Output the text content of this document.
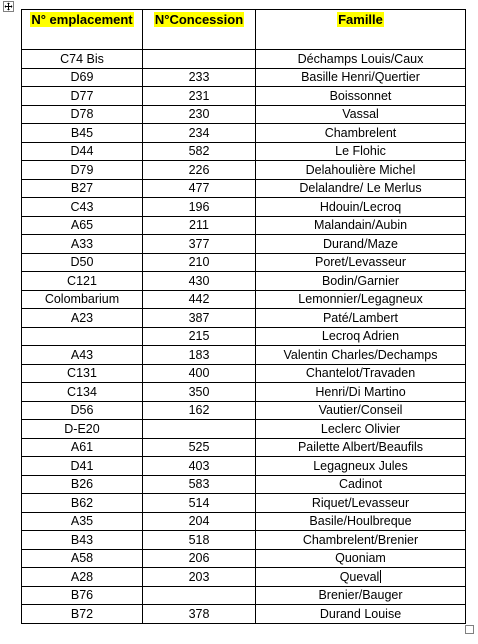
N° emplacement	N°Concession	Famille
C74 Bis		Déchamps Louis/Caux
D69	233	Basille Henri/Quertier
D77	231	Boissonnet
D78	230	Vassal
B45	234	Chambrelent
D44	582	Le Flohic
D79	226	Delahoulière Michel
B27	477	Delalandre/ Le Merlus
C43	196	Hdouin/Lecroq
A65	211	Malandain/Aubin
A33	377	Durand/Maze
D50	210	Poret/Levasseur
C121	430	Bodin/Garnier
Colombarium	442	Lemonnier/Legagneux
A23	387	Paté/Lambert
	215	Lecroq Adrien
A43	183	Valentin Charles/Dechamps
C131	400	Chantelot/Travaden
C134	350	Henri/Di Martino
D56	162	Vautier/Conseil
D-E20		Leclerc Olivier
A61	525	Pailette Albert/Beaufils
D41	403	Legagneux Jules
B26	583	Cadinot
B62	514	Riquet/Levasseur
A35	204	Basile/Houlbreque
B43	518	Chambrelent/Brenier
A58	206	Quoniam
A28	203	Queval
B76		Brenier/Bauger
B72	378	Durand Louise
